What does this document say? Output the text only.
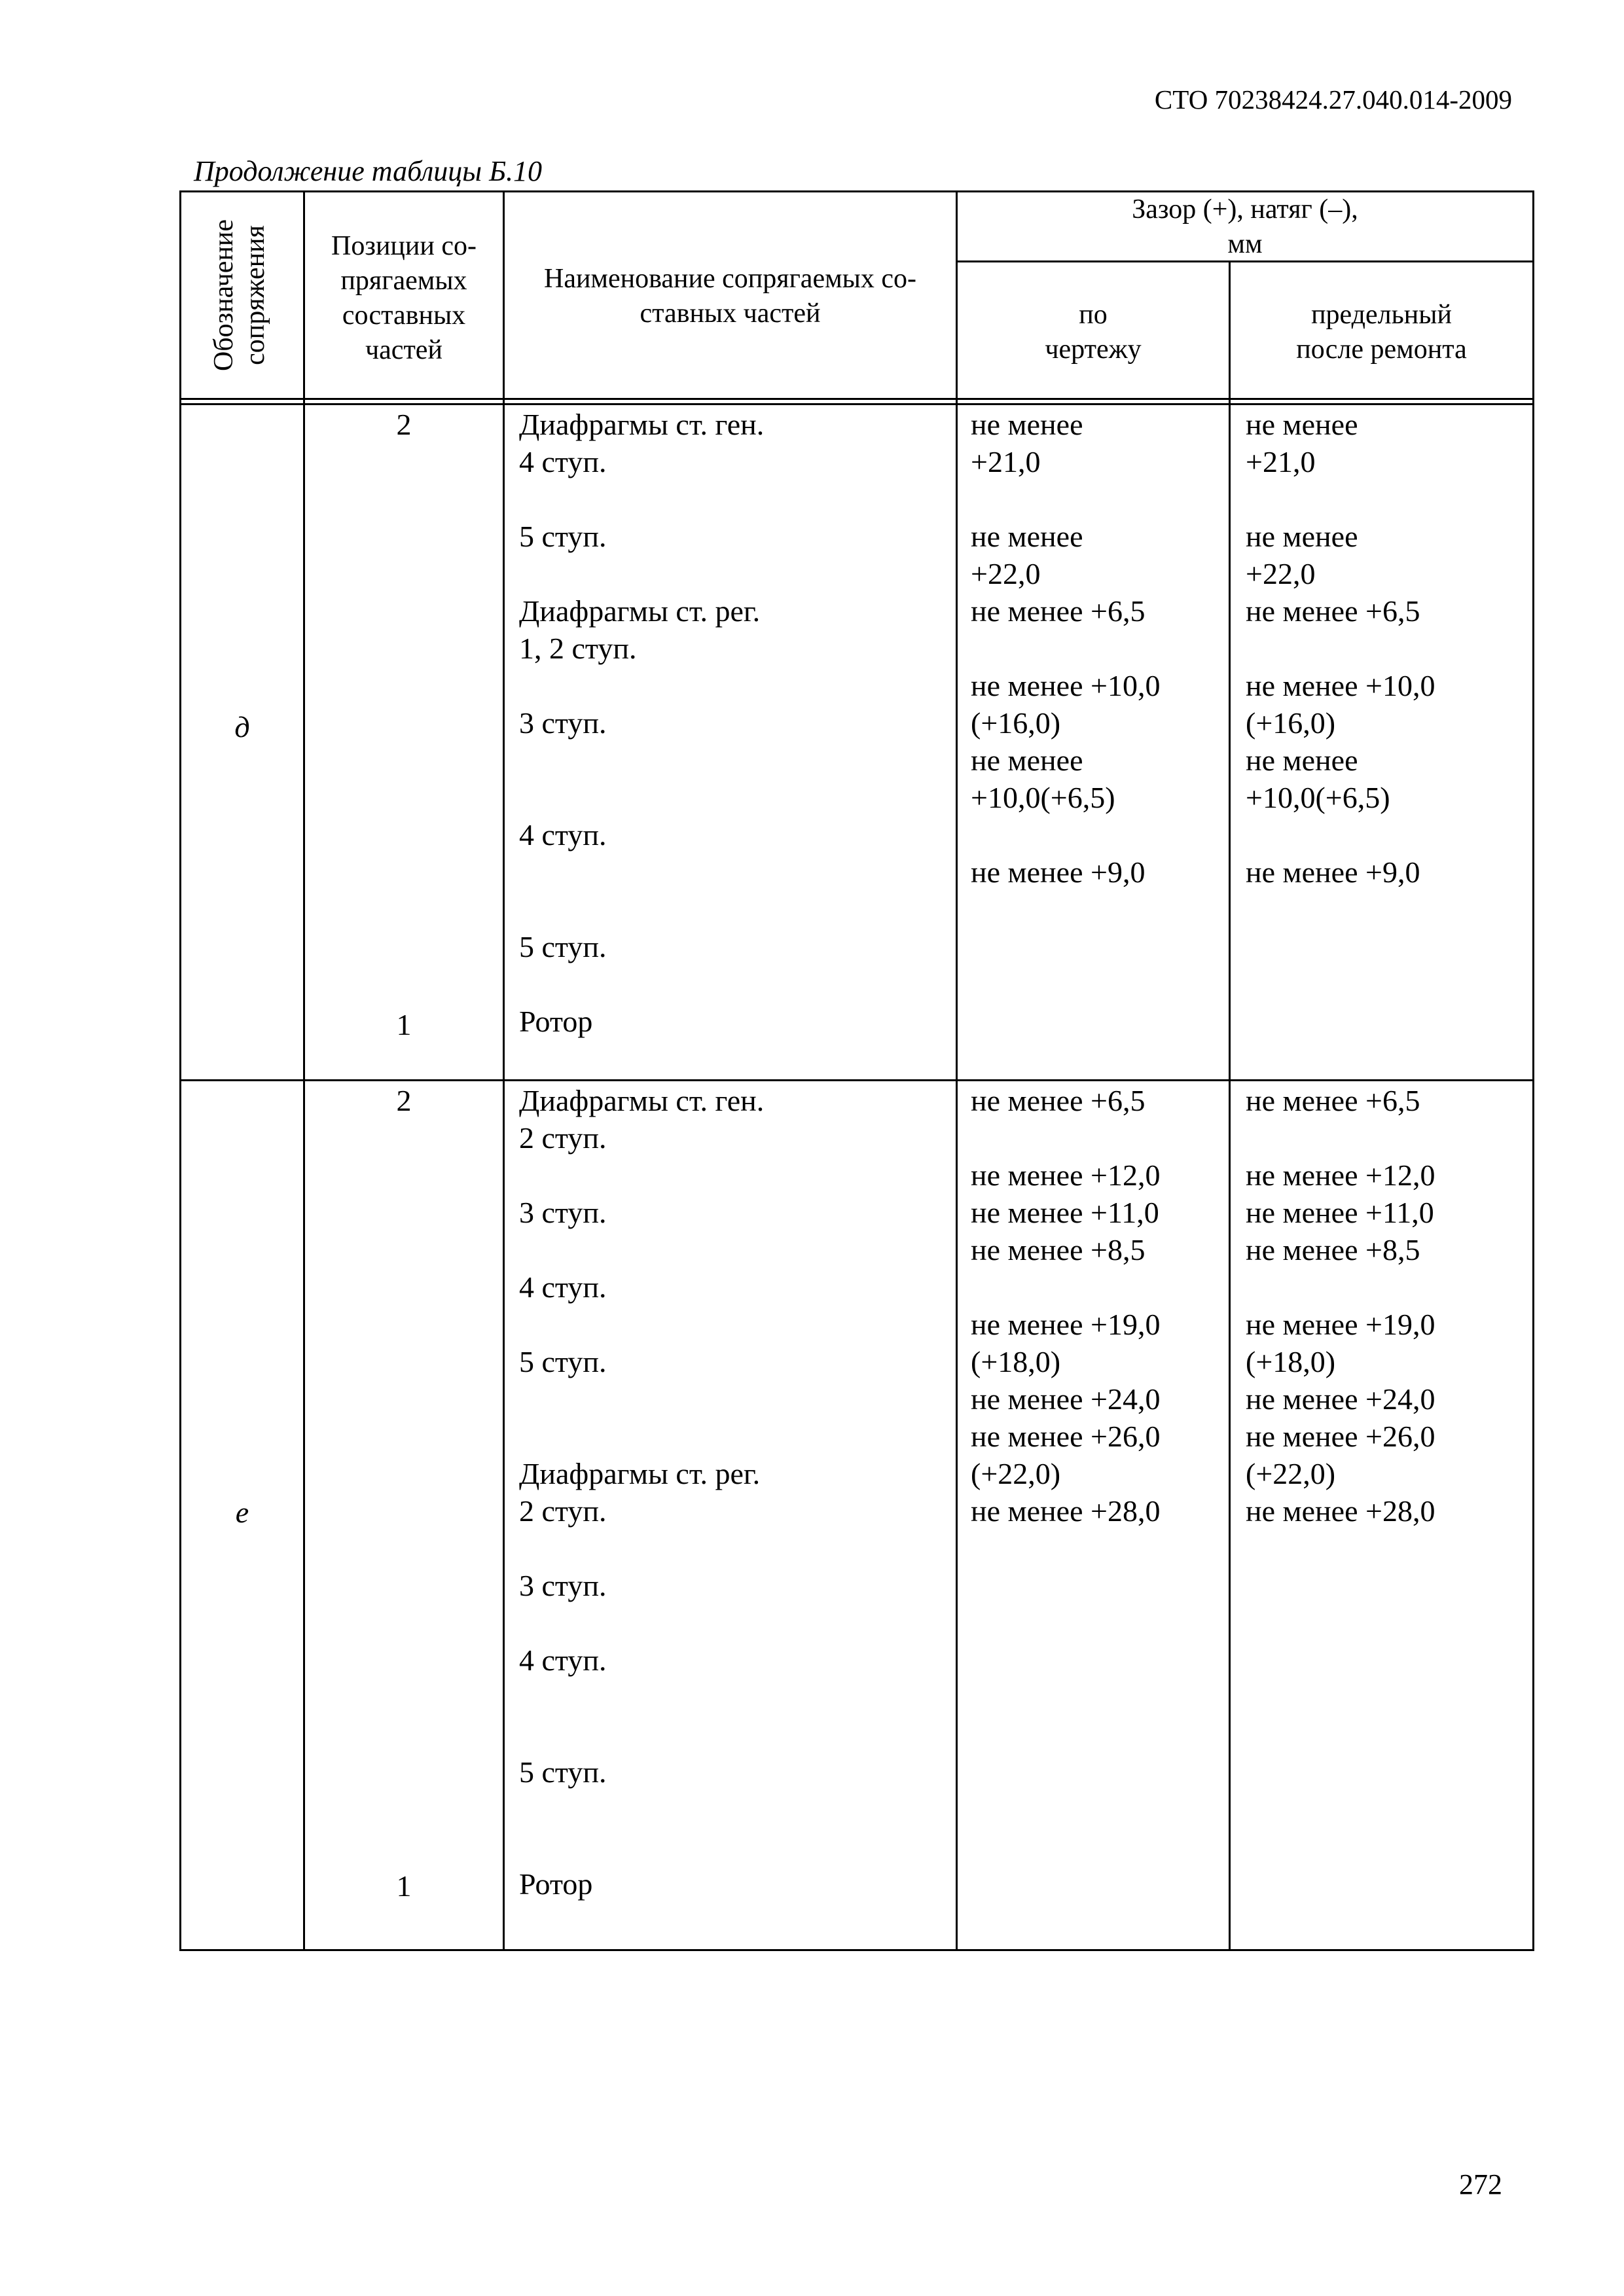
СТО 70238424.27.040.014-2009
Продолжение таблицы Б.10
272
Обозначение
сопряжения	Позиции со-
прягаемых
составных
частей
Наименование сопрягаемых со-
ставных частей
Зазор (+), натяг (–),
мм
по
чертежу
предельный
после ремонта
д
2
1
Диафрагмы ст. ген.
4 ступ.

5 ступ.

Диафрагмы ст. рег.
1, 2 ступ.

3 ступ.

4 ступ.

5 ступ.

Ротор
не менее
+21,0

не менее
+22,0
не менее +6,5

не менее +10,0
(+16,0)
не менее
+10,0(+6,5)

не менее +9,0
не менее
+21,0

не менее
+22,0
не менее +6,5

не менее +10,0
(+16,0)
не менее
+10,0(+6,5)

не менее +9,0
е
2
1
Диафрагмы ст. ген.
2 ступ.

3 ступ.

4 ступ.

5 ступ.

Диафрагмы ст. рег.
2 ступ.

3 ступ.

4 ступ.

5 ступ.

Ротор
не менее +6,5

не менее +12,0
не менее +11,0
не менее +8,5

не менее +19,0
(+18,0)
не менее +24,0
не менее +26,0
(+22,0)
не менее +28,0
не менее +6,5

не менее +12,0
не менее +11,0
не менее +8,5

не менее +19,0
(+18,0)
не менее +24,0
не менее +26,0
(+22,0)
не менее +28,0
